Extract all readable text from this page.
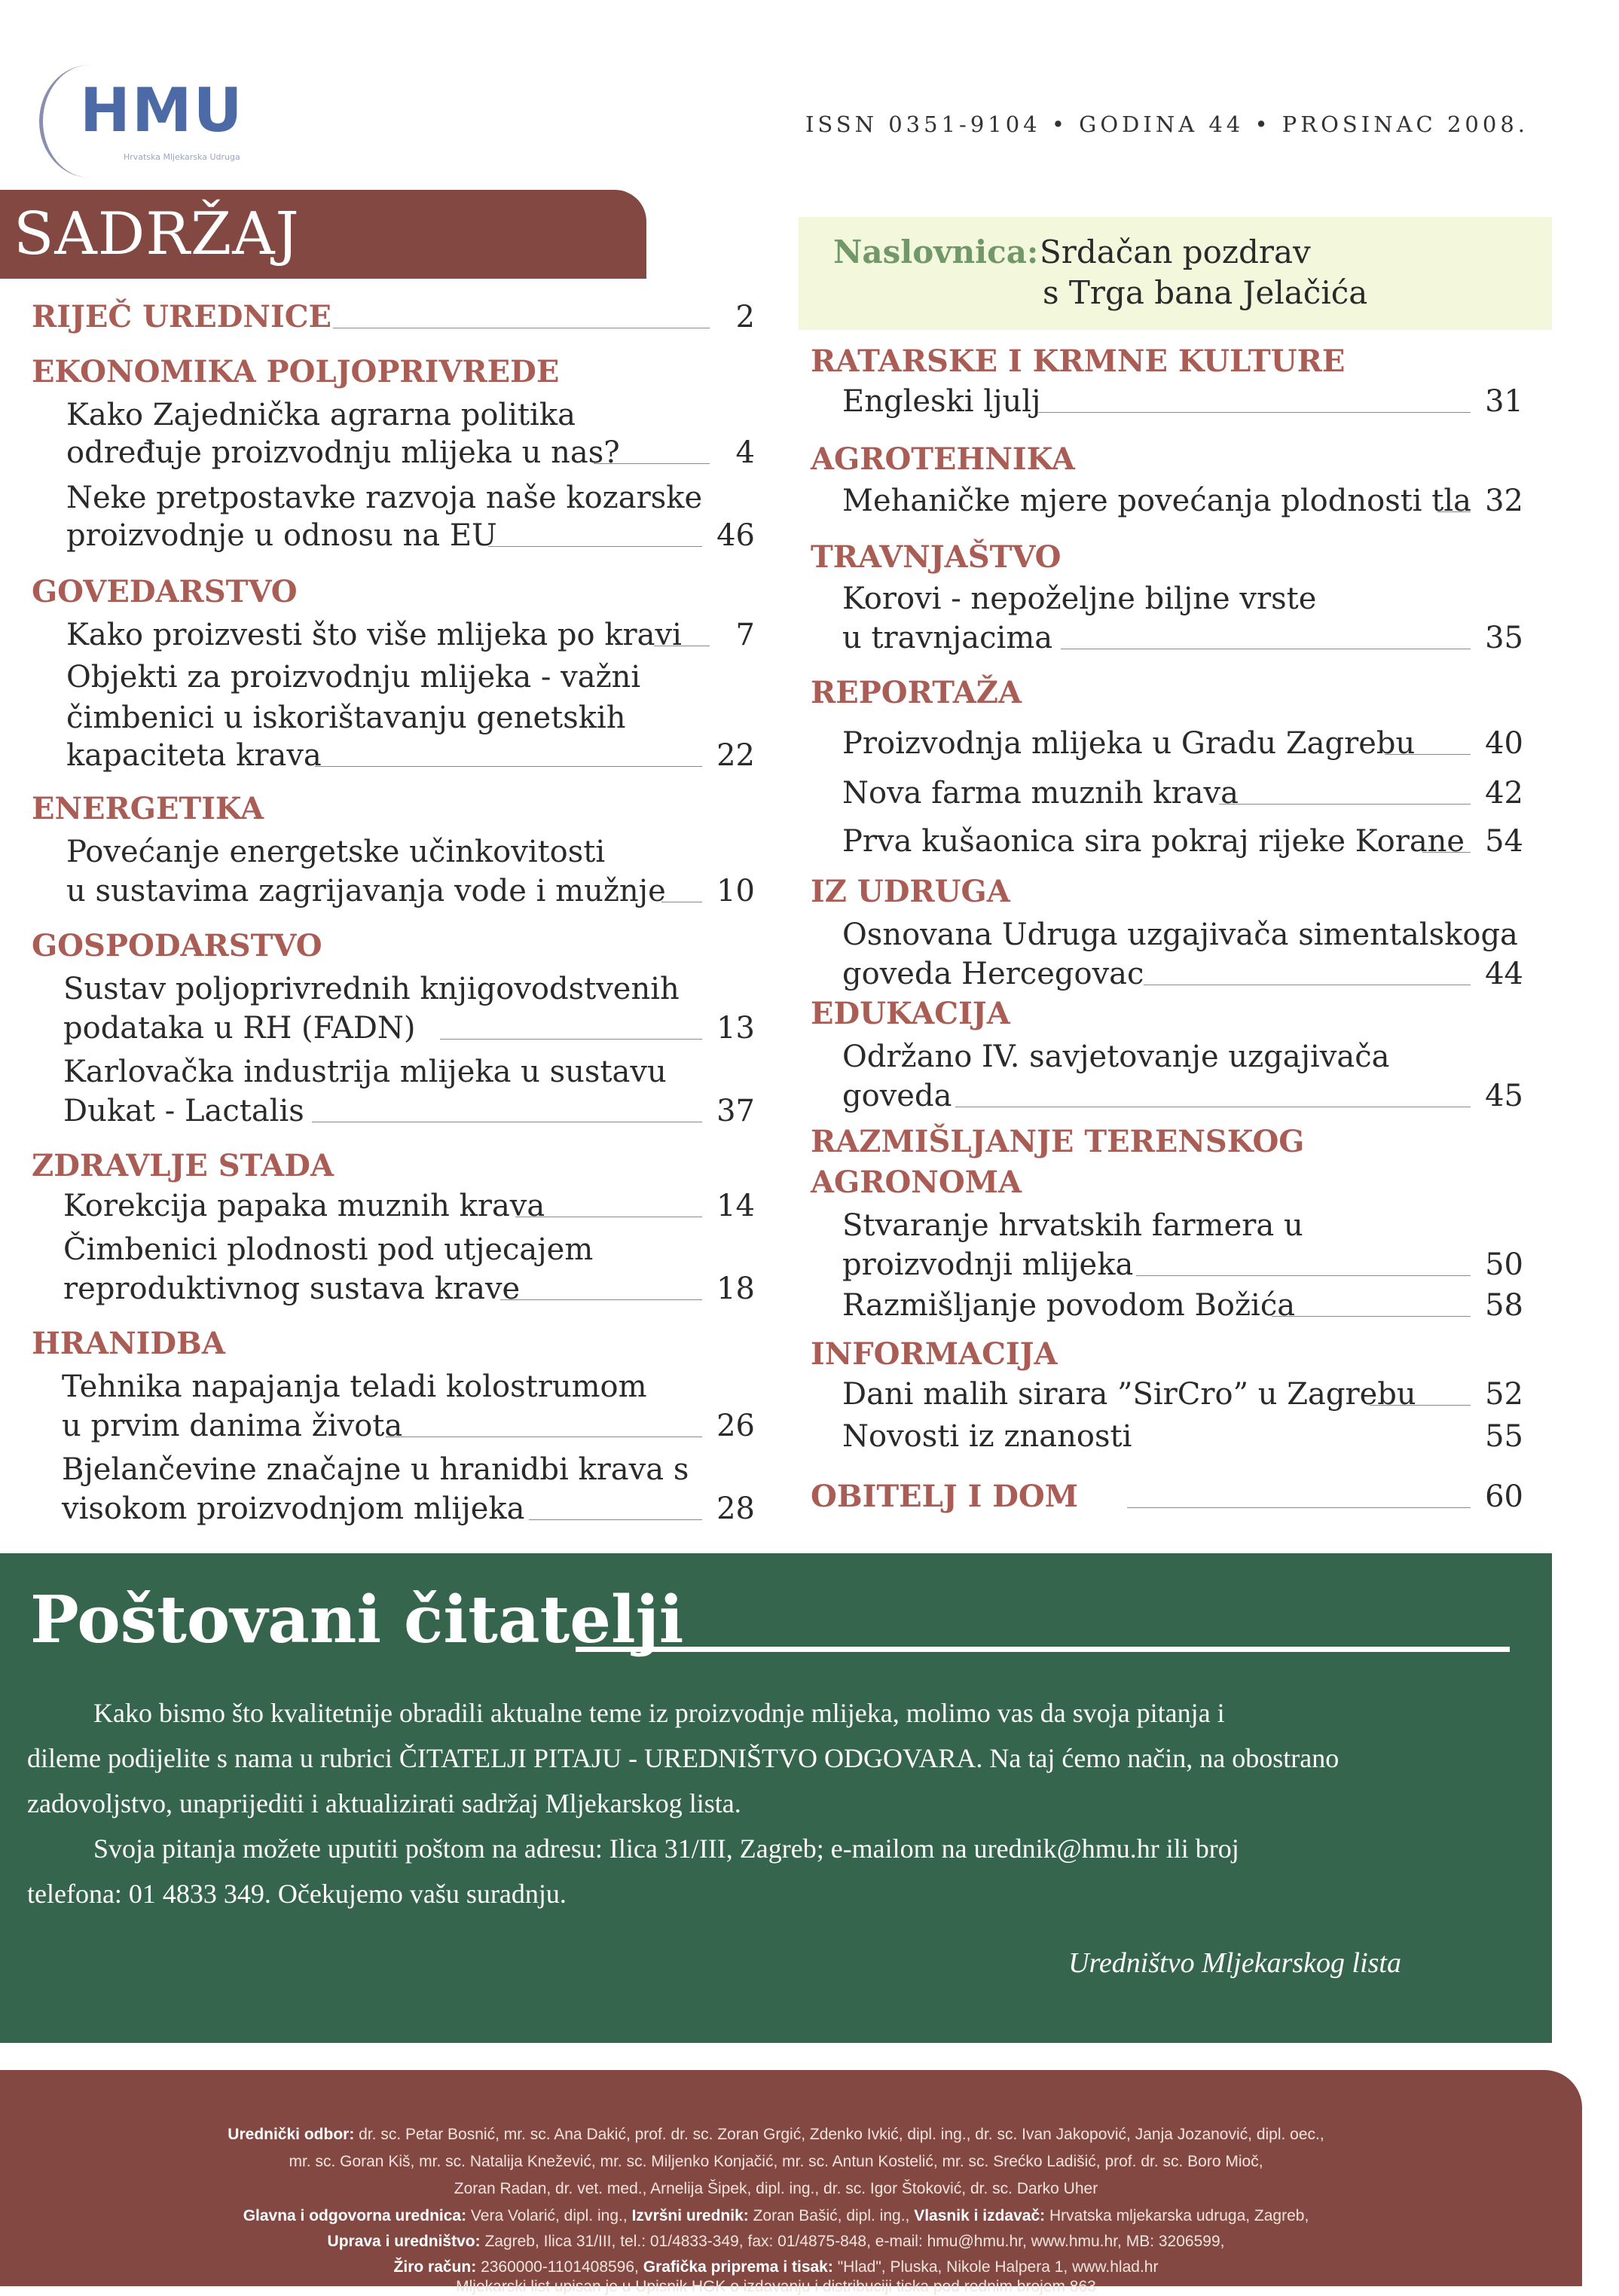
HMU
Hrvatska Mljekarska Udruga
ISSN 0351-9104 • GODINA 44 • PROSINAC 2008.
SADRŽAJ	Naslovnica: Srdačan pozdrav
s Trga bana Jelačića
RIJEČ UREDNICE	2
EKONOMIKA POLJOPRIVREDE
Kako Zajednička agrarna politika
određuje proizvodnju mlijeka u nas?	4
Neke pretpostavke razvoja naše kozarske
proizvodnje u odnosu na EU	46
GOVEDARSTVO
Kako proizvesti što više mlijeka po kravi 7
Objekti za proizvodnju mlijeka - važni
čimbenici u iskorištavanju genetskih
kapaciteta krava	22
ENERGETIKA
Povećanje energetske učinkovitosti
u sustavima zagrijavanja vode i mužnje 10
GOSPODARSTVO
Sustav poljoprivrednih knjigovodstvenih
podataka u RH (FADN)	13
Karlovačka industrija mlijeka u sustavu
Dukat - Lactalis	37
ZDRAVLJE STADA
Korekcija papaka muznih krava	14
Čimbenici plodnosti pod utjecajem
reproduktivnog sustava krave	18
HRANIDBA
Tehnika napajanja teladi kolostrumom
u prvim danima života	26
Bjelančevine značajne u hranidbi krava s
visokom proizvodnjom mlijeka	28
RATARSKE I KRMNE KULTURE
Engleski ljulj	31
AGROTEHNIKA
Mehaničke mjere povećanja plodnosti tla 32
TRAVNJAŠTVO
Korovi - nepoželjne biljne vrste
u travnjacima	35
REPORTAŽA
Proizvodnja mlijeka u Gradu Zagrebu 40
Nova farma muznih krava	42
Prva kušaonica sira pokraj rijeke Korane 54
IZ UDRUGA
Osnovana Udruga uzgajivača simentalskoga
goveda Hercegovac	44
EDUKACIJA
Održano IV. savjetovanje uzgajivača
goveda	45
RAZMIŠLJANJE TERENSKOG
AGRONOMA
Stvaranje hrvatskih farmera u
proizvodnji mlijeka	50
Razmišljanje povodom Božića	58
INFORMACIJA
Dani malih sirara ”SirCro” u Zagrebu 52
Novosti iz znanosti	55
OBITELJ I DOM	60
Poštovani čitatelji
Kako bismo što kvalitetnije obradili aktualne teme iz proizvodnje mlijeka, molimo vas da svoja pitanja i
dileme podijelite s nama u rubrici ČITATELJI PITAJU - UREDNIŠTVO ODGOVARA. Na taj ćemo način, na obostrano
zadovoljstvo, unaprijediti i aktualizirati sadržaj Mljekarskog lista.
Svoja pitanja možete uputiti poštom na adresu: Ilica 31/III, Zagreb; e-mailom na urednik@hmu.hr ili broj
telefona: 01 4833 349. Očekujemo vašu suradnju.
Uredništvo Mljekarskog lista
Urednički odbor: dr. sc. Petar Bosnić, mr. sc. Ana Dakić, prof. dr. sc. Zoran Grgić, Zdenko Ivkić, dipl. ing., dr. sc. Ivan Jakopović, Janja Jozanović, dipl. oec.,
mr. sc. Goran Kiš, mr. sc. Natalija Knežević, mr. sc. Miljenko Konjačić, mr. sc. Antun Kostelić, mr. sc. Srećko Ladišić, prof. dr. sc. Boro Mioč,
Zoran Radan, dr. vet. med., Arnelija Šipek, dipl. ing., dr. sc. Igor Štoković, dr. sc. Darko Uher
Glavna i odgovorna urednica: Vera Volarić, dipl. ing., Izvršni urednik: Zoran Bašić, dipl. ing., Vlasnik i izdavač: Hrvatska mljekarska udruga, Zagreb,
Uprava i uredništvo: Zagreb, Ilica 31/III, tel.: 01/4833-349, fax: 01/4875-848, e-mail: hmu@hmu.hr, www.hmu.hr, MB: 3206599,
Žiro račun: 2360000-1101408596, Grafička priprema i tisak: "Hlad", Pluska, Nikole Halpera 1, www.hlad.hr
Mljekarski list upisan je u Upisnik HGK o izdavanju i distribuciji tiska pod rednim brojem 863
